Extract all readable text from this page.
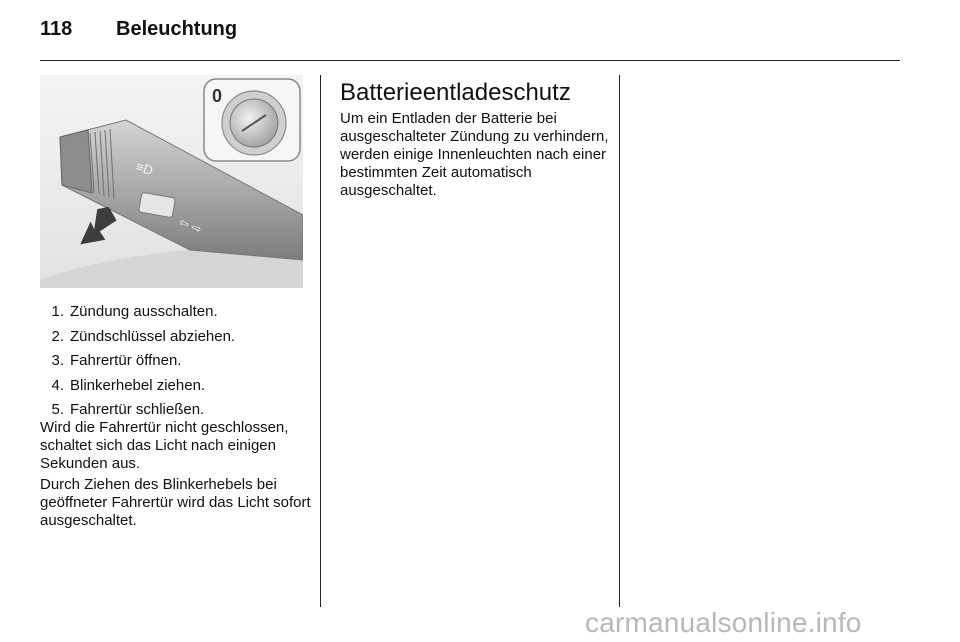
118	Beleuchtung
≡D
⇦ ⇨
0
1. Zündung ausschalten.
2. Zündschlüssel abziehen.
3. Fahrertür öffnen.
4. Blinkerhebel ziehen.
5. Fahrertür schließen.

Wird die Fahrertür nicht geschlossen, schaltet sich das Licht nach einigen Sekunden aus.

Durch Ziehen des Blinkerhebels bei geöffneter Fahrertür wird das Licht sofort ausgeschaltet.

Batterieentladeschutz

Um ein Entladen der Batterie bei ausgeschalteter Zündung zu verhindern, werden einige Innenleuchten nach einer bestimmten Zeit automatisch ausgeschaltet.

carmanualsonline.info
